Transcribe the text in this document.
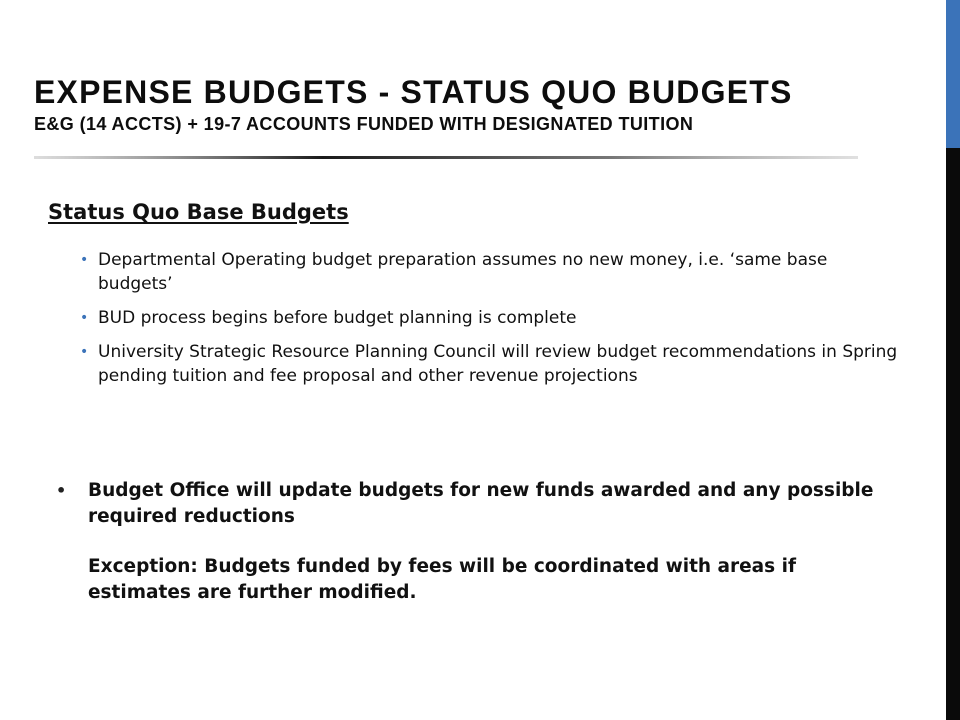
EXPENSE BUDGETS - STATUS QUO BUDGETS
E&G (14 ACCTS) + 19-7 ACCOUNTS FUNDED WITH DESIGNATED TUITION
Status Quo Base Budgets
• Departmental Operating budget preparation assumes no new money, i.e. ‘same base budgets’
• BUD process begins before budget planning is complete
• University Strategic Resource Planning Council will review budget recommendations in Spring pending tuition and fee proposal and other revenue projections
• Budget Office will update budgets for new funds awarded and any possible required reductions
Exception: Budgets funded by fees will be coordinated with areas if estimates are further modified.
